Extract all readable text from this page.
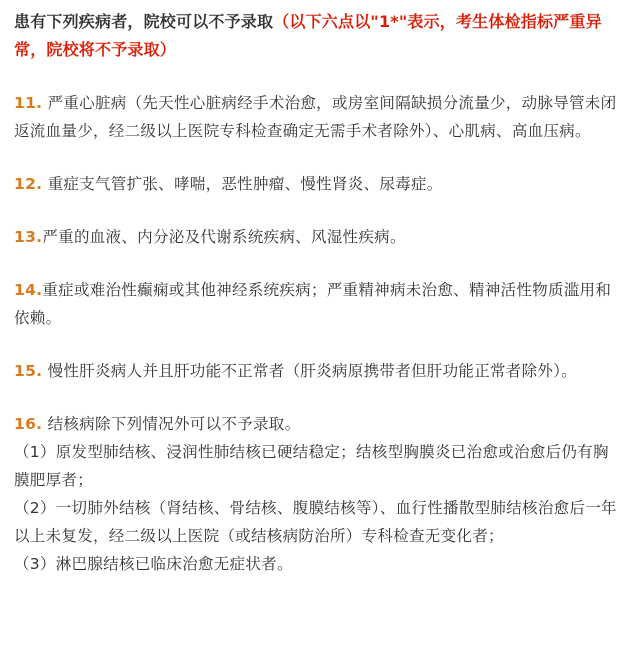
患有下列疾病者，院校可以不予录取（以下六点以"1*"表示，考生体检指标严重异常，院校将不予录取）

11. 严重心脏病（先天性心脏病经手术治愈，或房室间隔缺损分流量少，动脉导管未闭返流血量少，经二级以上医院专科检查确定无需手术者除外）、心肌病、高血压病。

12. 重症支气管扩张、哮喘，恶性肿瘤、慢性肾炎、尿毒症。

13.严重的血液、内分泌及代谢系统疾病、风湿性疾病。

14.重症或难治性癫痫或其他神经系统疾病；严重精神病未治愈、精神活性物质滥用和依赖。

15. 慢性肝炎病人并且肝功能不正常者（肝炎病原携带者但肝功能正常者除外）。

16. 结核病除下列情况外可以不予录取。

（1）原发型肺结核、浸润性肺结核已硬结稳定；结核型胸膜炎已治愈或治愈后仍有胸膜肥厚者；

（2）一切肺外结核（肾结核、骨结核、腹膜结核等）、血行性播散型肺结核治愈后一年以上未复发，经二级以上医院（或结核病防治所）专科检查无变化者；

（3）淋巴腺结核已临床治愈无症状者。
